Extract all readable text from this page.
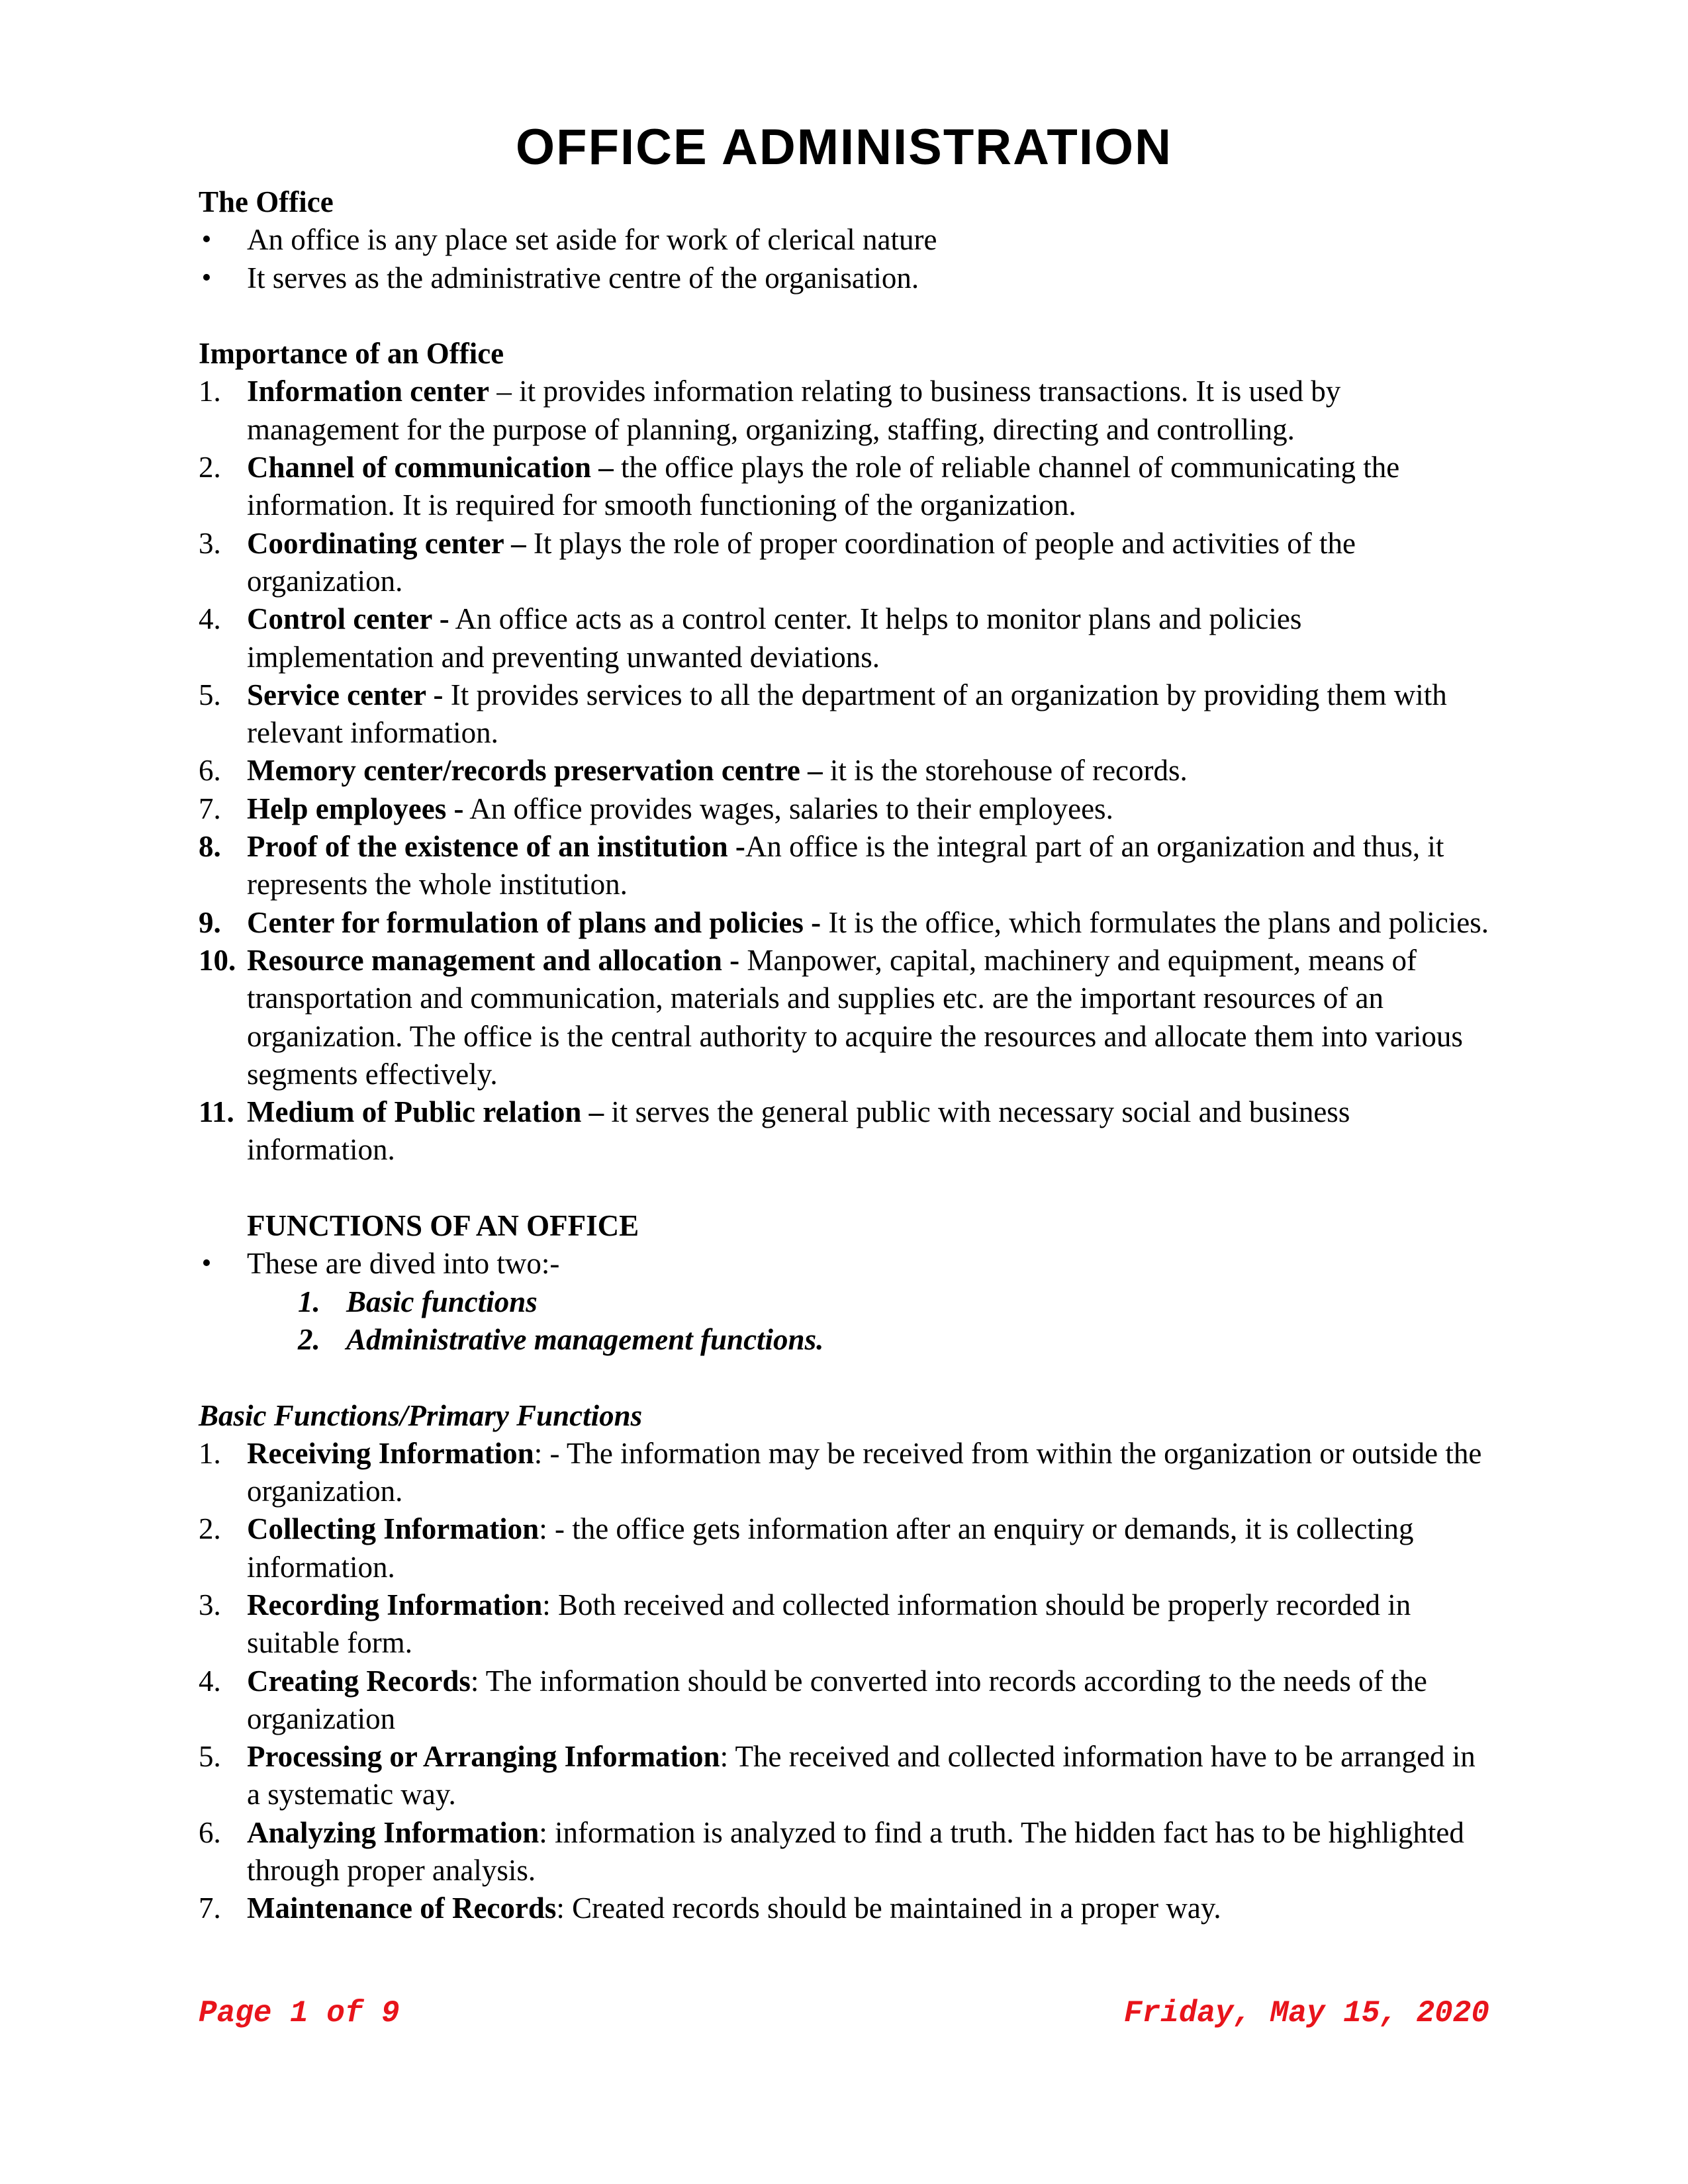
OFFICE ADMINISTRATION

The Office

• An office is any place set aside for work of clerical nature
• It serves as the administrative centre of the organisation.

Importance of an Office

1. Information center – it provides information relating to business transactions. It is used by management for the purpose of planning, organizing, staffing, directing and controlling.
2. Channel of communication – the office plays the role of reliable channel of communicating the information. It is required for smooth functioning of the organization.
3. Coordinating center – It plays the role of proper coordination of people and activities of the organization.
4. Control center - An office acts as a control center. It helps to monitor plans and policies implementation and preventing unwanted deviations.
5. Service center - It provides services to all the department of an organization by providing them with relevant information.
6. Memory center/records preservation centre – it is the storehouse of records.
7. Help employees - An office provides wages, salaries to their employees.
8. Proof of the existence of an institution -An office is the integral part of an organization and thus, it represents the whole institution.
9. Center for formulation of plans and policies - It is the office, which formulates the plans and policies.
10. Resource management and allocation - Manpower, capital, machinery and equipment, means of transportation and communication, materials and supplies etc. are the important resources of an organization. The office is the central authority to acquire the resources and allocate them into various segments effectively.
11. Medium of Public relation – it serves the general public with necessary social and business information.

FUNCTIONS OF AN OFFICE

• These are dived into two:-
1. Basic functions
2. Administrative management functions.

Basic Functions/Primary Functions

1. Receiving Information: - The information may be received from within the organization or outside the organization.
2. Collecting Information: - the office gets information after an enquiry or demands, it is collecting information.
3. Recording Information: Both received and collected information should be properly recorded in suitable form.
4. Creating Records: The information should be converted into records according to the needs of the organization
5. Processing or Arranging Information: The received and collected information have to be arranged in a systematic way.
6. Analyzing Information: information is analyzed to find a truth. The hidden fact has to be highlighted through proper analysis.
7. Maintenance of Records: Created records should be maintained in a proper way.
Page 1 of 9	Friday, May 15, 2020
